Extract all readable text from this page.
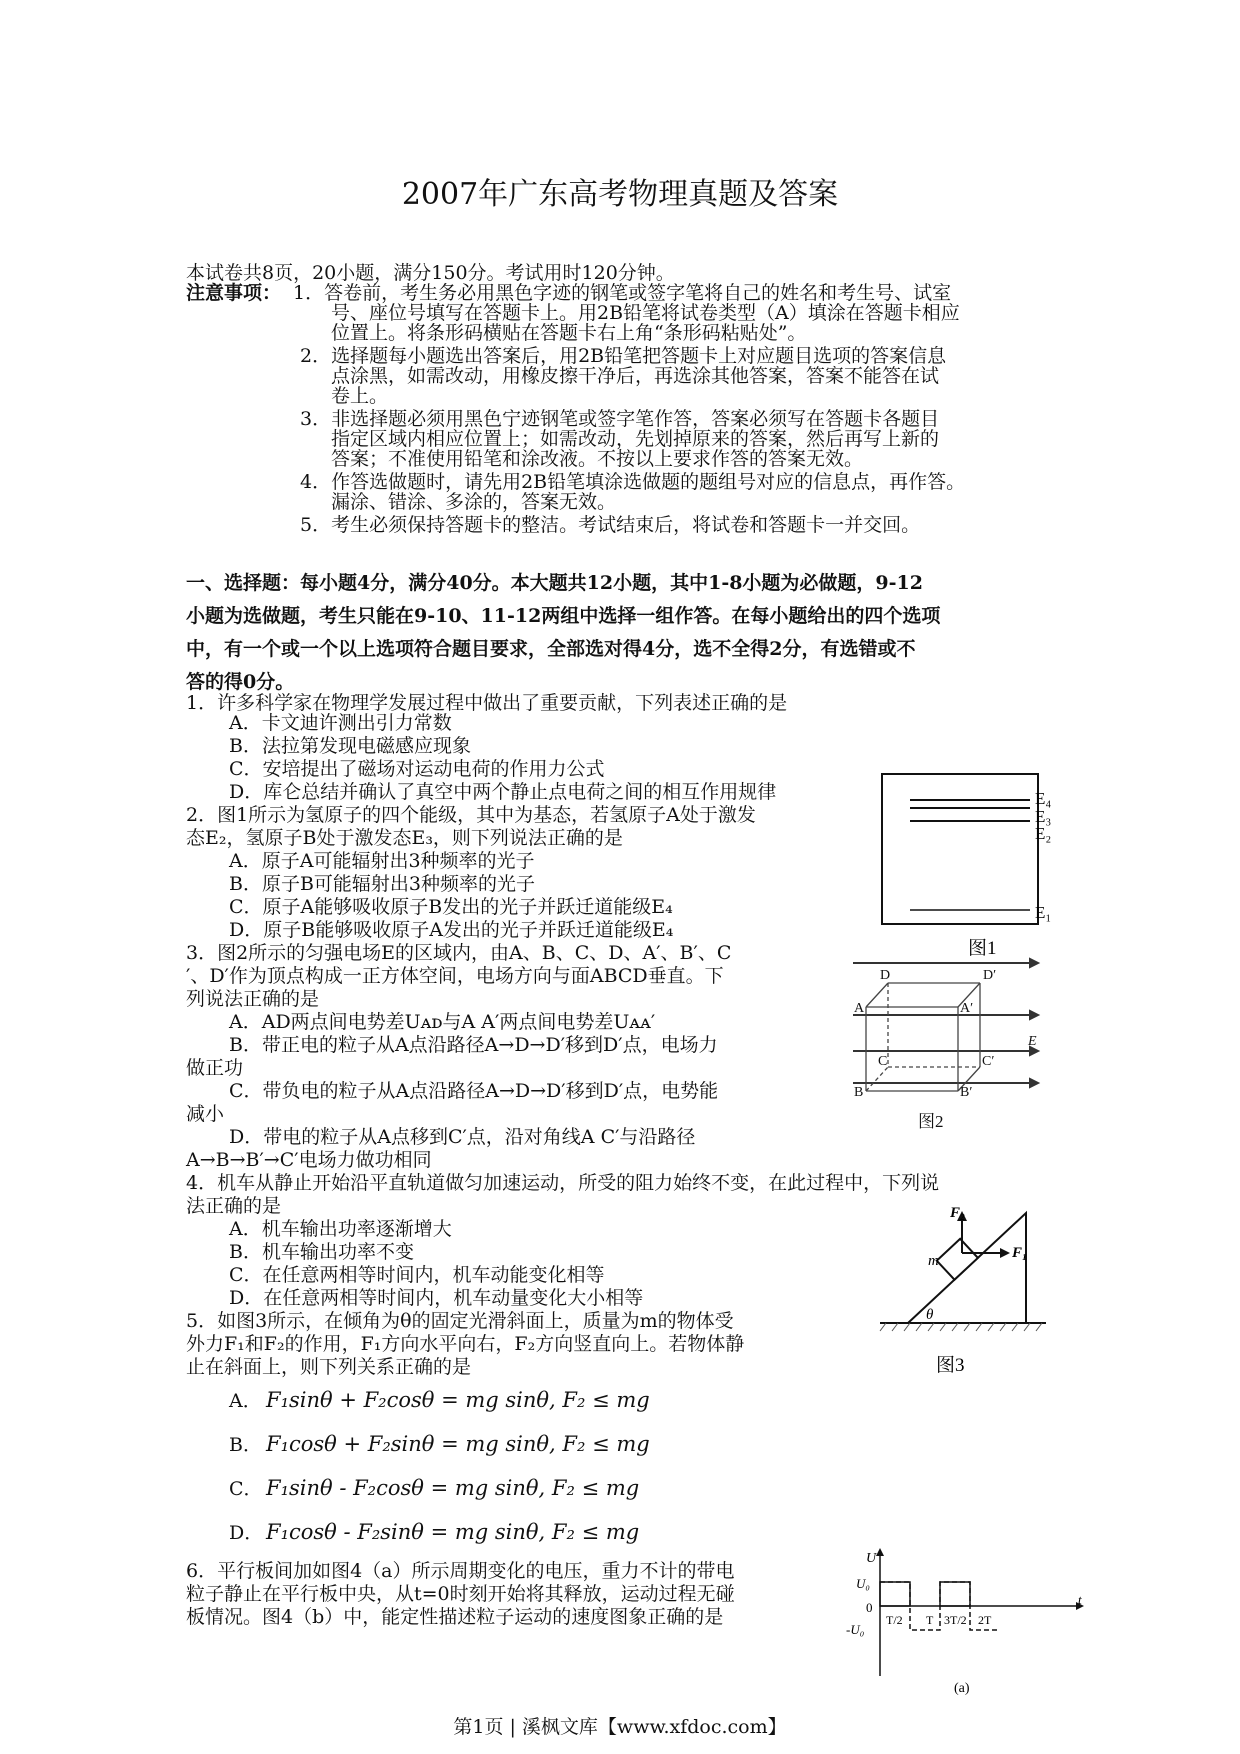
2007年广东高考物理真题及答案
本试卷共8页，20小题，满分150分。考试用时120分钟。
注意事项： 1．答卷前，考生务必用黑色字迹的钢笔或签字笔将自己的姓名和考生号、试室
号、座位号填写在答题卡上。用2B铅笔将试卷类型（A）填涂在答题卡相应
位置上。将条形码横贴在答题卡右上角“条形码粘贴处”。
2．选择题每小题选出答案后，用2B铅笔把答题卡上对应题目选项的答案信息
点涂黑，如需改动，用橡皮擦干净后，再选涂其他答案，答案不能答在试
卷上。
3．非选择题必须用黑色宁迹钢笔或签字笔作答，答案必须写在答题卡各题目
指定区域内相应位置上；如需改动，先划掉原来的答案，然后再写上新的
答案；不准使用铅笔和涂改液。不按以上要求作答的答案无效。
4．作答选做题时，请先用2B铅笔填涂选做题的题组号对应的信息点，再作答。
漏涂、错涂、多涂的，答案无效。
5．考生必须保持答题卡的整洁。考试结束后，将试卷和答题卡一并交回。
一、选择题：每小题4分，满分40分。本大题共12小题，其中1-8小题为必做题，9-12
小题为选做题，考生只能在9-10、11-12两组中选择一组作答。在每小题给出的四个选项
中，有一个或一个以上选项符合题目要求，全部选对得4分，选不全得2分，有选错或不
答的得0分。
1．许多科学家在物理学发展过程中做出了重要贡献，下列表述正确的是
A．卡文迪许测出引力常数
B．法拉第发现电磁感应现象
C．安培提出了磁场对运动电荷的作用力公式
D．库仑总结并确认了真空中两个静止点电荷之间的相互作用规律
2．图1所示为氢原子的四个能级，其中为基态，若氢原子A处于激发
态E₂，氢原子B处于激发态E₃，则下列说法正确的是
A．原子A可能辐射出3种频率的光子
B．原子B可能辐射出3种频率的光子
C．原子A能够吸收原子B发出的光子并跃迁道能级E₄
D．原子B能够吸收原子A发出的光子并跃迁道能级E₄
E₄
E₃
E₂
E₁
图1
3．图2所示的匀强电场E的区域内，由A、B、C、D、A′、B′、C
′、D′作为顶点构成一正方体空间，电场方向与面ABCD垂直。下
列说法正确的是
A．AD两点间电势差Uᴀᴅ与A A′两点间电势差Uᴀᴀ′
B．带正电的粒子从A点沿路径A→D→D′移到D′点，电场力
做正功
C．带负电的粒子从A点沿路径A→D→D′移到D′点，电势能
减小
D．带电的粒子从A点移到C′点，沿对角线A C′与沿路径
A→B→B′→C′电场力做功相同
D	D′
A	A′
E
C	C′
B	B′
图2
4．机车从静止开始沿平直轨道做匀加速运动，所受的阻力始终不变，在此过程中，下列说
法正确的是
A．机车输出功率逐渐增大
B．机车输出功率不变
C．在任意两相等时间内，机车动能变化相等
D．在任意两相等时间内，机车动量变化大小相等
F₂
m	F₁
θ
图3
5．如图3所示，在倾角为θ的固定光滑斜面上，质量为m的物体受
外力F₁和F₂的作用，F₁方向水平向右，F₂方向竖直向上。若物体静
止在斜面上，则下列关系正确的是
A． F₁sinθ + F₂cosθ = mg sinθ, F₂ ≤ mg
B． F₁cosθ + F₂sinθ = mg sinθ, F₂ ≤ mg
C． F₁sinθ - F₂cosθ = mg sinθ, F₂ ≤ mg
D． F₁cosθ - F₂sinθ = mg sinθ, F₂ ≤ mg
6．平行板间加如图4（a）所示周期变化的电压，重力不计的带电
粒子静止在平行板中央，从t=0时刻开始将其释放，运动过程无碰
板情况。图4（b）中，能定性描述粒子运动的速度图象正确的是
U
U₀
0
-U₀
T/2 T 3T/2 2T
t
(a)
第1页 | 溪枫文库【www.xfdoc.com】
